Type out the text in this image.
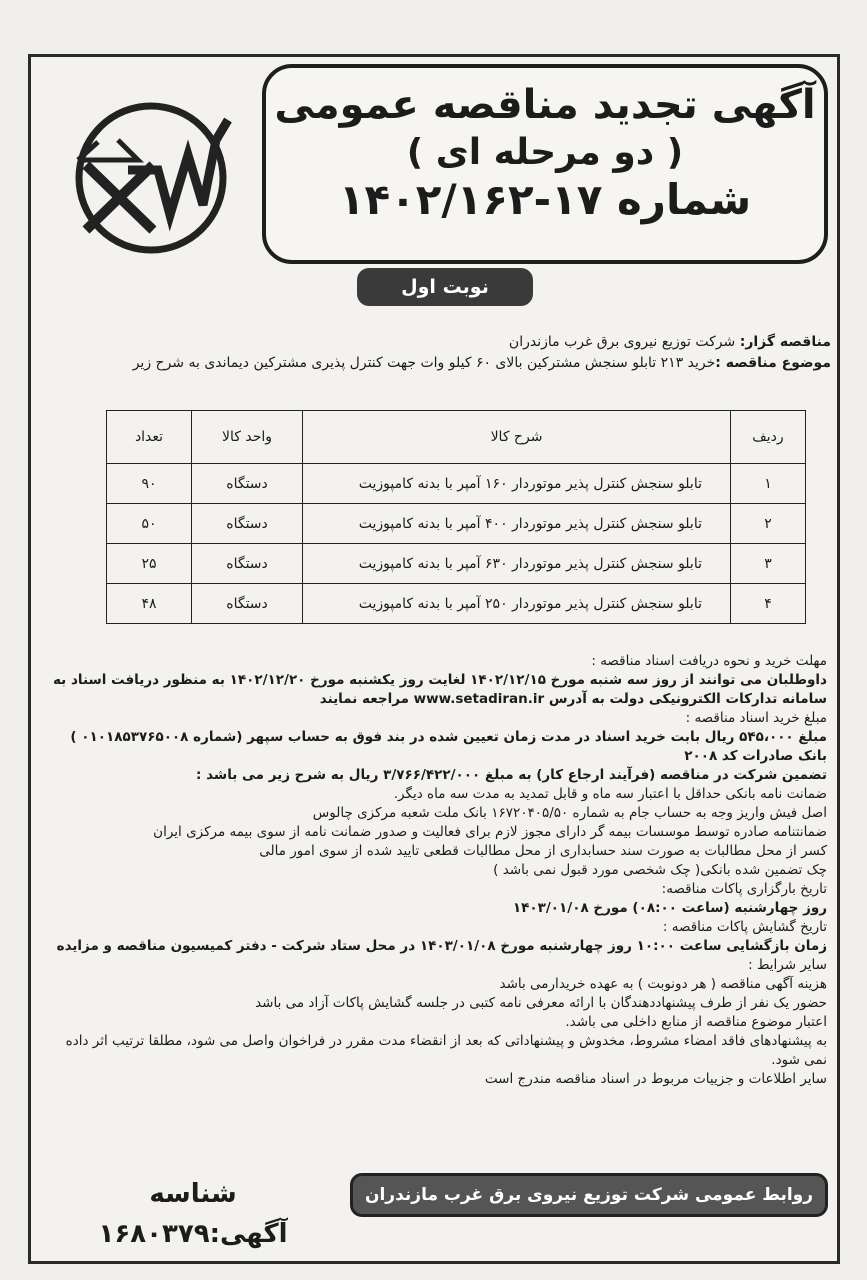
آگهی تجدید مناقصه عمومی
( دو مرحله ای )
شماره ۱۷-۱۴۰۲/۱۶۲
نوبت اول
مناقصه گزار: شرکت توزیع نیروی برق غرب مازندران
موضوع مناقصه :خرید ۲۱۳ تابلو سنجش مشترکین بالای ۶۰ کیلو وات جهت کنترل پذیری مشترکین دیماندی به شرح زیر
ردیف	شرح کالا	واحد کالا	تعداد
۱	تابلو سنجش کنترل پذیر موتوردار ۱۶۰ آمپر با بدنه کامپوزیت	دستگاه	۹۰
۲	تابلو سنجش کنترل پذیر موتوردار ۴۰۰ آمپر با بدنه کامپوزیت	دستگاه	۵۰
۳	تابلو سنجش کنترل پذیر موتوردار ۶۳۰ آمپر با بدنه کامپوزیت	دستگاه	۲۵
۴	تابلو سنجش کنترل پذیر موتوردار ۲۵۰ آمپر با بدنه کامپوزیت	دستگاه	۴۸

مهلت خرید و نحوه دریافت اسناد مناقصه :

داوطلبان می توانند از روز سه شنبه مورخ ۱۴۰۲/۱۲/۱۵ لغایت روز یکشنبه مورخ ۱۴۰۲/۱۲/۲۰ به منظور دریافت اسناد به سامانه تدارکات الکترونیکی دولت به آدرس www.setadiran.ir مراجعه نمایند

مبلغ خرید اسناد مناقصه :

مبلغ ۵۴۵،۰۰۰ ریال بابت خرید اسناد در مدت زمان تعیین شده در بند فوق به حساب سپهر (شماره ۰۱۰۱۸۵۳۷۶۵۰۰۸ ) بانک صادرات کد ۲۰۰۸

تضمین شرکت در مناقصه (فرآیند ارجاع کار) به مبلغ ۳/۷۶۶/۴۲۲/۰۰۰ ریال به شرح زیر می باشد :

ضمانت نامه بانکی حداقل با اعتبار سه ماه و قابل تمدید به مدت سه ماه دیگر.

اصل فیش واریز وجه به حساب جام به شماره ۱۶۷۲۰۴۰۵/۵۰ بانک ملت شعبه مرکزی چالوس

ضمانتنامه صادره توسط موسسات بیمه گر دارای مجوز لازم برای فعالیت و صدور ضمانت نامه از سوی بیمه مرکزی ایران

کسر از محل مطالبات به صورت سند حسابداری از محل مطالبات قطعی تایید شده از سوی امور مالی

چک تضمین شده بانکی( چک شخصی مورد قبول نمی باشد )

تاریخ بارگزاری پاکات مناقصه:

روز چهارشنبه (ساعت ۰۸:۰۰) مورخ ۱۴۰۳/۰۱/۰۸

تاریخ گشایش پاکات مناقصه :

زمان بازگشایی ساعت ۱۰:۰۰ روز چهارشنبه مورخ ۱۴۰۳/۰۱/۰۸ در محل ستاد شرکت - دفتر کمیسیون مناقصه و مزایده

سایر شرایط :

هزینه آگهی مناقصه ( هر دونوبت ) به عهده خریدارمی باشد

حضور یک نفر از طرف پیشنهاددهندگان با ارائه معرفی نامه کتبی در جلسه گشایش پاکات آزاد می باشد

اعتبار موضوع مناقصه از منابع داخلی می باشد.

به پیشنهادهای فاقد امضاء مشروط، مخدوش و پیشنهاداتی که بعد از انقضاء مدت مقرر در فراخوان واصل می شود، مطلقا ترتیب اثر داده نمی شود.

سایر اطلاعات و جزییات مربوط در اسناد مناقصه مندرج است

روابط عمومی شرکت توزیع نیروی برق غرب مازندران
شناسه آگهی:۱۶۸۰۳۷۹
